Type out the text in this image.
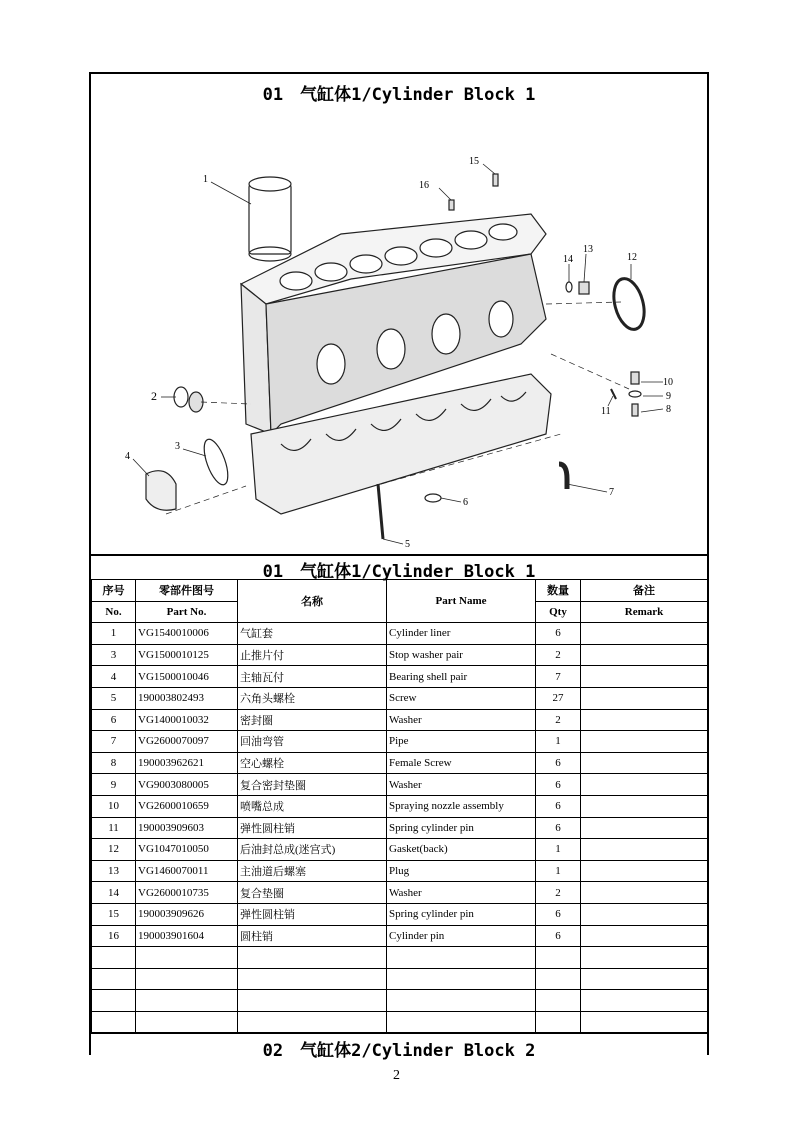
01　气缸体1/Cylinder Block 1
1
2
3
4
5
6
7
8
9
10
11
12
13
14
15
16
01　气缸体1/Cylinder Block 1
序号	零部件图号	名称	Part Name	数量	备注
No.	Part No.			Qty	Remark
1	VG1540010006	气缸套	Cylinder liner	6	
3	VG1500010125	止推片付	Stop washer pair	2	
4	VG1500010046	主轴瓦付	Bearing shell pair	7	
5	190003802493	六角头螺栓	Screw	27	
6	VG1400010032	密封圈	Washer	2	
7	VG2600070097	回油弯管	Pipe	1	
8	190003962621	空心螺栓	Female Screw	6	
9	VG9003080005	复合密封垫圈	Washer	6	
10	VG2600010659	喷嘴总成	Spraying nozzle assembly	6	
11	190003909603	弹性圆柱销	Spring cylinder pin	6	
12	VG1047010050	后油封总成(迷宫式)	Gasket(back)	1	
13	VG1460070011	主油道后螺塞	Plug	1	
14	VG2600010735	复合垫圈	Washer	2	
15	190003909626	弹性圆柱销	Spring cylinder pin	6	
16	190003901604	圆柱销	Cylinder pin	6	

02　气缸体2/Cylinder Block 2
2
